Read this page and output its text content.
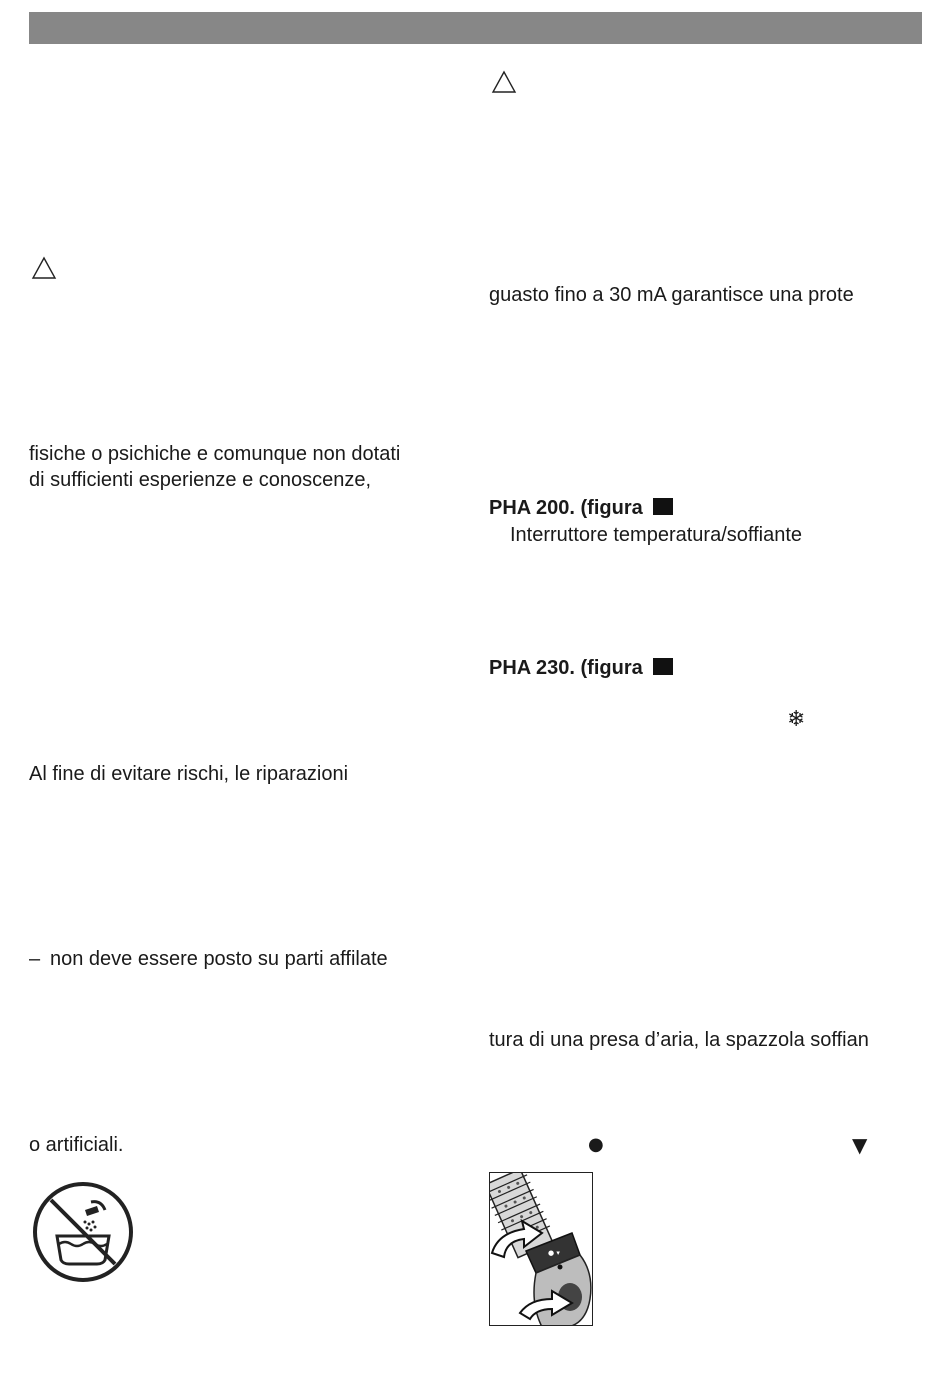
fisiche o psichiche e comunque non dotati
di sufficienti esperienze e conoscenze,
Al fine di evitare rischi, le riparazioni
– non deve essere posto su parti affilate
o artificiali.
guasto fino a 30 mA garantisce una prote
PHA 200. (figura
Interruttore temperatura/soffiante
PHA 230. (figura
❄
tura di una presa d’aria, la spazzola soffian
●	▼
● ▾
